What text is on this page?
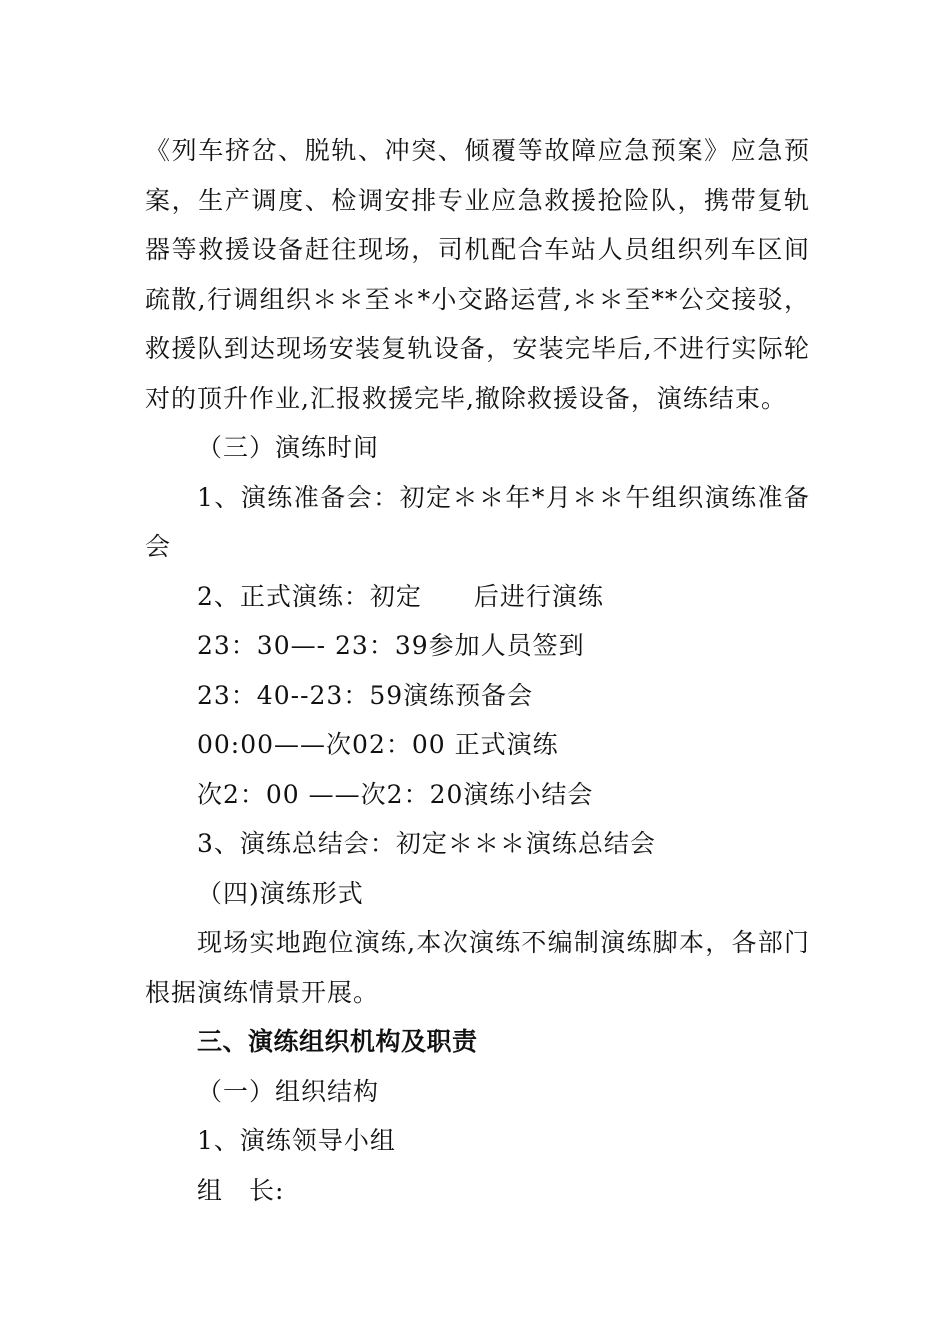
《列车挤岔、脱轨、冲突、倾覆等故障应急预案》应急预案，生产调度、检调安排专业应急救援抢险队，携带复轨器等救援设备赶往现场，司机配合车站人员组织列车区间疏散,行调组织＊＊至＊*小交路运营,＊＊至**公交接驳，救援队到达现场安装复轨设备，安装完毕后,不进行实际轮对的顶升作业,汇报救援完毕,撤除救援设备，演练结束。

（三）演练时间

1、演练准备会：初定＊＊年*月＊＊午组织演练准备会

2、正式演练：初定　　后进行演练

23：30—- 23：39参加人员签到

23：40--23：59演练预备会

00:00——次02：00 正式演练

次2：00 ——次2：20演练小结会

3、演练总结会：初定＊＊＊演练总结会

（四)演练形式

现场实地跑位演练,本次演练不编制演练脚本，各部门根据演练情景开展。

三、演练组织机构及职责

（一）组织结构

1、演练领导小组

组　长:
